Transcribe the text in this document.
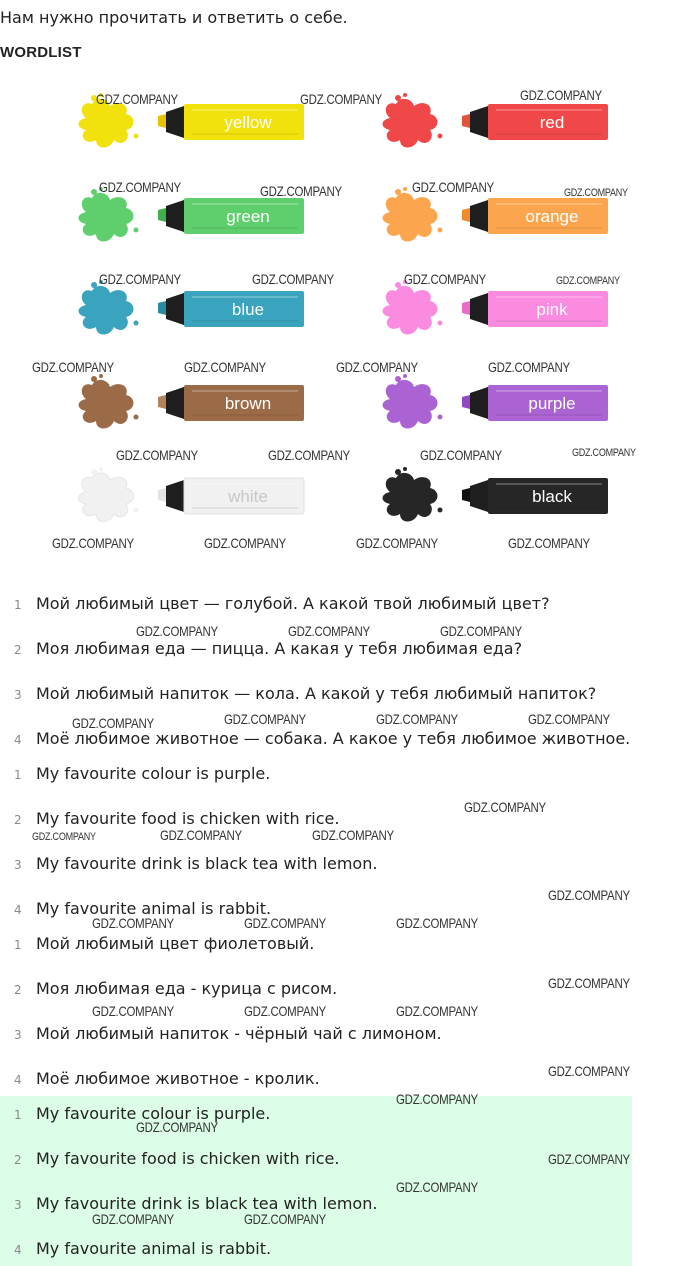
Нам нужно прочитать и ответить о себе.
WORDLIST
yellow	red
green	orange
blue	pink
brown	purple
white	black
1 Мой любимый цвет — голубой. А какой твой любимый цвет?
2 Моя любимая еда — пицца. А какая у тебя любимая еда?
3 Мой любимый напиток — кола. А какой у тебя любимый напиток?
4 Моё любимое животное — собака. А какое у тебя любимое животное.
1 My favourite colour is purple.
2 My favourite food is chicken with rice.
3 My favourite drink is black tea with lemon.
4 My favourite animal is rabbit.
1 Мой любимый цвет фиолетовый.
2 Моя любимая еда - курица с рисом.
3 Мой любимый напиток - чёрный чай с лимоном.
4 Моё любимое животное - кролик.
1 My favourite colour is purple.
2 My favourite food is chicken with rice.
3 My favourite drink is black tea with lemon.
4 My favourite animal is rabbit.
GDZ.COMPANY	GDZ.COMPANY	GDZ.COMPANY
GDZ.COMPANY	GDZ.COMPANY	GDZ.COMPANY	GDZ.COMPANY
GDZ.COMPANY	GDZ.COMPANY	GDZ.COMPANY	GDZ.COMPANY
GDZ.COMPANY	GDZ.COMPANY	GDZ.COMPANY	GDZ.COMPANY
GDZ.COMPANY	GDZ.COMPANY	GDZ.COMPANY	GDZ.COMPANY
GDZ.COMPANY	GDZ.COMPANY	GDZ.COMPANY	GDZ.COMPANY
GDZ.COMPANY	GDZ.COMPANY	GDZ.COMPANY
GDZ.COMPANY	GDZ.COMPANY	GDZ.COMPANY	GDZ.COMPANY
GDZ.COMPANY
GDZ.COMPANY	GDZ.COMPANY	GDZ.COMPANY
GDZ.COMPANY
GDZ.COMPANY	GDZ.COMPANY	GDZ.COMPANY
GDZ.COMPANY
GDZ.COMPANY	GDZ.COMPANY	GDZ.COMPANY
GDZ.COMPANY
GDZ.COMPANY
GDZ.COMPANY
GDZ.COMPANY
GDZ.COMPANY
GDZ.COMPANY	GDZ.COMPANY
